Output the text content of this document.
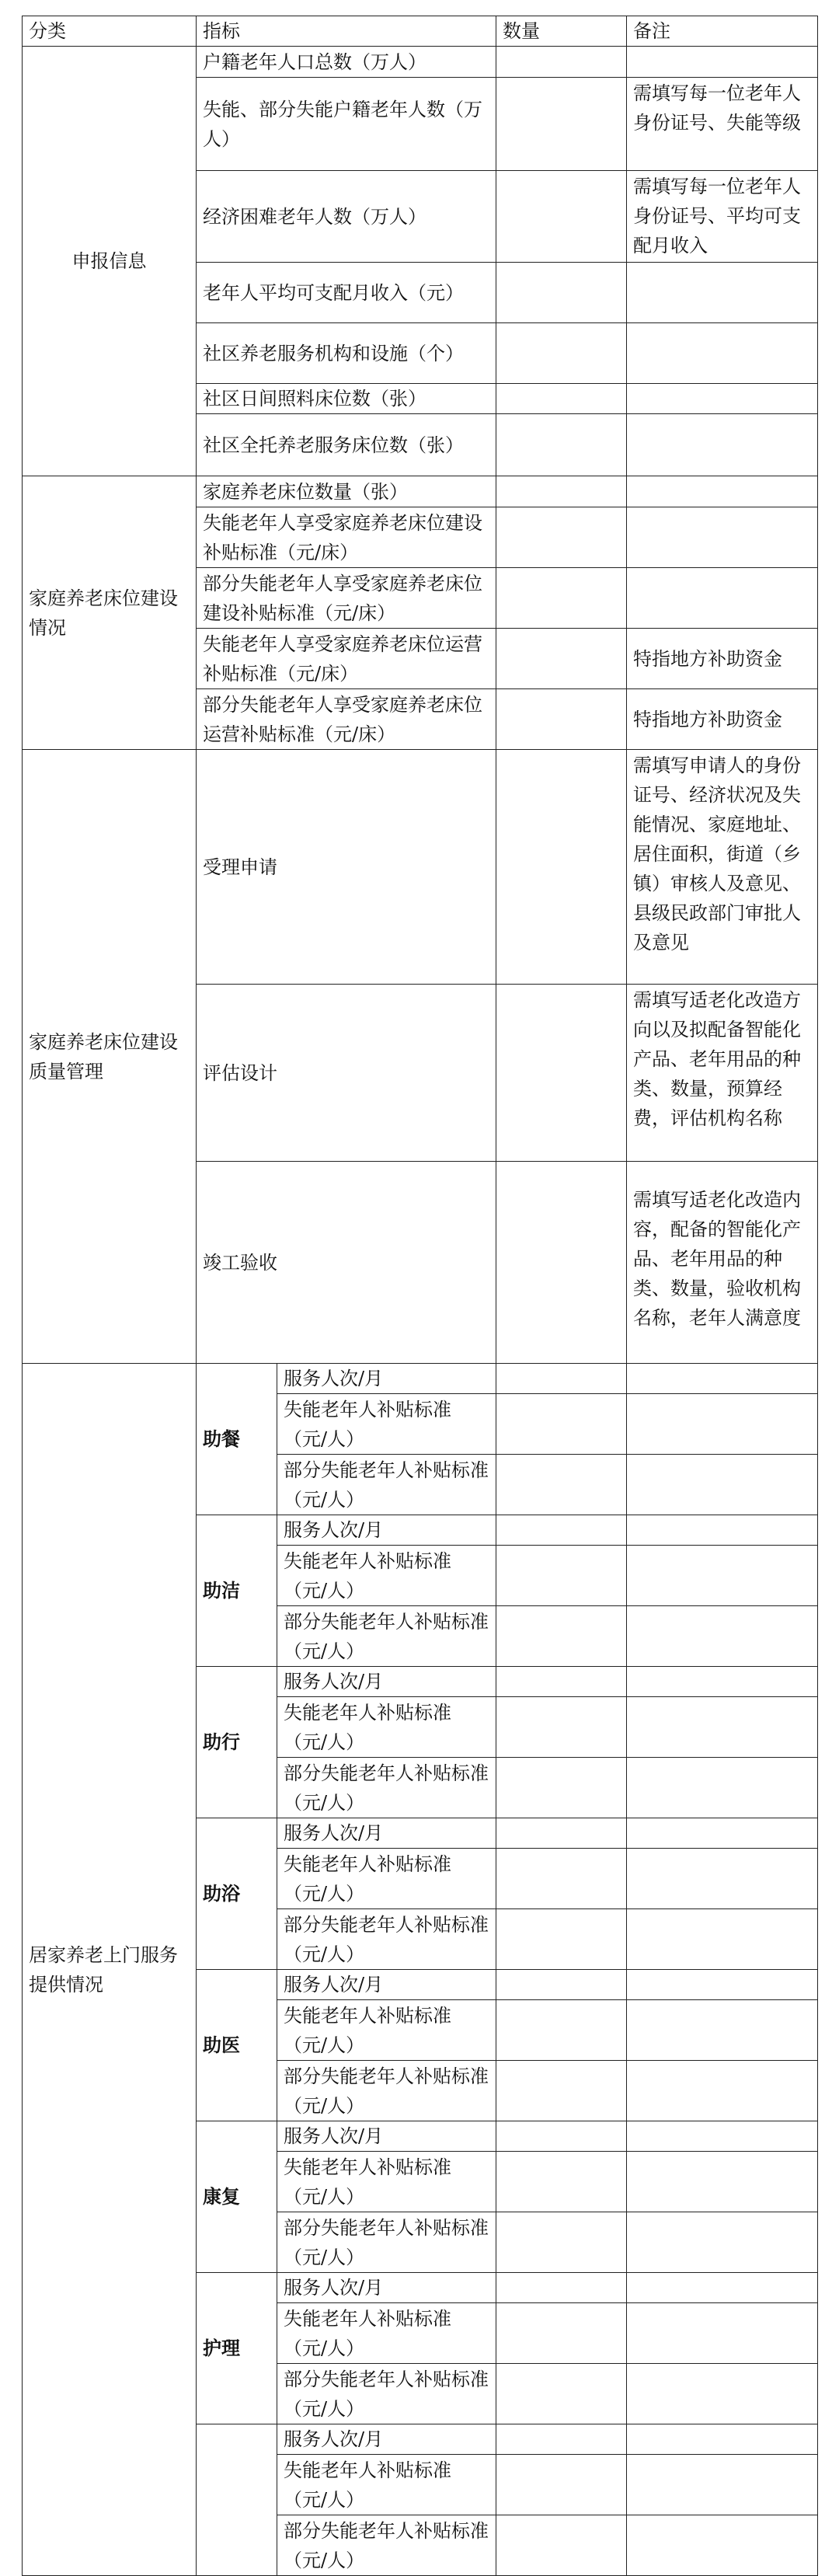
分类	指标		数量	备注
申报信息	户籍老年人口总数（万人）			
	失能、部分失能户籍老年人数（万人）			需填写每一位老年人身份证号、失能等级
	经济困难老年人数（万人）			需填写每一位老年人身份证号、平均可支配月收入
	老年人平均可支配月收入（元）			
	社区养老服务机构和设施（个）			
	社区日间照料床位数（张）			
	社区全托养老服务床位数（张）			
家庭养老床位建设情况	家庭养老床位数量（张）			
	失能老年人享受家庭养老床位建设补贴标准（元/床）			
	部分失能老年人享受家庭养老床位建设补贴标准（元/床）			
	失能老年人享受家庭养老床位运营补贴标准（元/床）			特指地方补助资金
	部分失能老年人享受家庭养老床位运营补贴标准（元/床）			特指地方补助资金
家庭养老床位建设质量管理	受理申请			需填写申请人的身份证号、经济状况及失能情况、家庭地址、居住面积，街道（乡镇）审核人及意见、县级民政部门审批人及意见
	评估设计			需填写适老化改造方向以及拟配备智能化产品、老年用品的种类、数量，预算经费，评估机构名称
	竣工验收			需填写适老化改造内容，配备的智能化产品、老年用品的种类、数量，验收机构名称，老年人满意度
居家养老上门服务提供情况	助餐	服务人次/月		
		失能老年人补贴标准（元/人）		
		部分失能老年人补贴标准（元/人）		
	助洁	服务人次/月		
		失能老年人补贴标准（元/人）		
		部分失能老年人补贴标准（元/人）		
	助行	服务人次/月		
		失能老年人补贴标准（元/人）		
		部分失能老年人补贴标准（元/人）		
	助浴	服务人次/月		
		失能老年人补贴标准（元/人）		
		部分失能老年人补贴标准（元/人）		
	助医	服务人次/月		
		失能老年人补贴标准（元/人）		
		部分失能老年人补贴标准（元/人）		
	康复	服务人次/月		
		失能老年人补贴标准（元/人）		
		部分失能老年人补贴标准（元/人）		
	护理	服务人次/月		
		失能老年人补贴标准（元/人）		
		部分失能老年人补贴标准（元/人）		
		服务人次/月		
		失能老年人补贴标准（元/人）		
		部分失能老年人补贴标准（元/人）		
